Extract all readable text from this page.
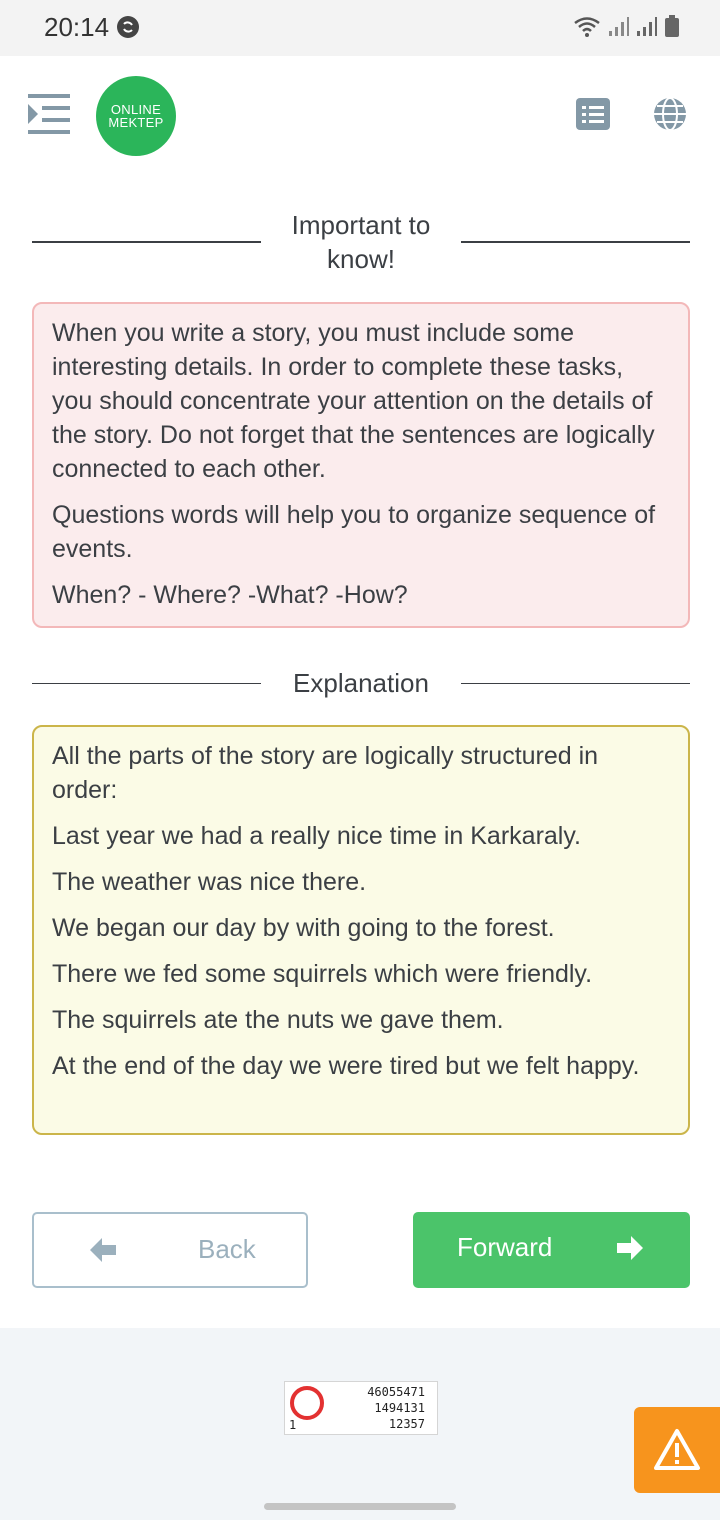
20:14
ONLINE
MEKTEP
Important to know!

When you write a story, you must include some interesting details. In order to complete these tasks, you should concentrate your attention on the details of the story. Do not forget that the sentences are logically connected to each other.

Questions words will help you to organize sequence of events.

When? - Where? -What? -How?

Explanation

All the parts of the story are logically structured in order:

Last year we had a really nice time in Karkaraly.

The weather was nice there.

We began our day by with going to the forest.

There we fed some squirrels which were friendly.

The squirrels ate the nuts we gave them.

At the end of the day we were tired but we felt happy.

Back	Forward
1
46055471
1494131
12357
